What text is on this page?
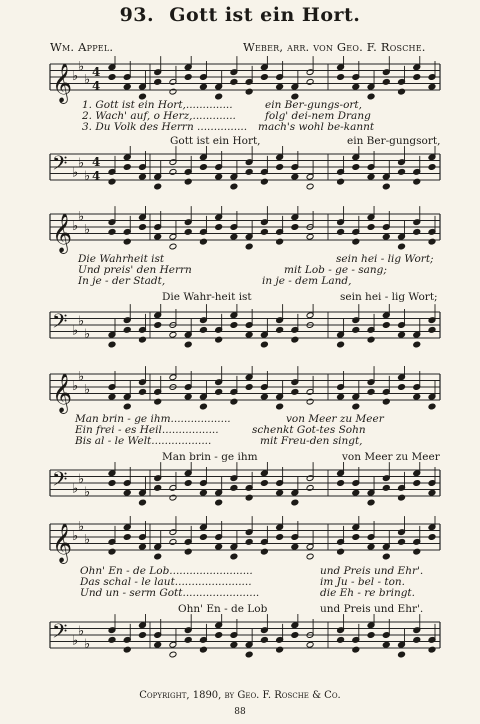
93. Gott ist ein Hort.
Wm. Appel.	Weber, arr. von Geo. F. Rosche.
𝄞 ♭
♭
♭
4
4
1. Gott ist ein Hort,..............
2. Wach' auf, o Herz,.............
3. Du Volk des Herrn ...............
ein Ber-gungs-ort,
folg' dei-nem Drang
mach's wohl be-kannt
Gott ist ein Hort,	ein Ber-gungsort,
𝄢 ♭
♭
♭
4
4
𝄞 ♭
♭
♭
Die Wahrheit ist
Und preis' den Herrn
In je - der Stadt,
sein hei - lig Wort;
mit Lob - ge - sang;
in je - dem Land,
Die Wahr-heit ist	sein hei - lig Wort;
𝄢 ♭
♭
♭
𝄞 ♭
♭
♭
Man brin - ge ihm..................
Ein frei - es Heil.................
Bis al - le Welt..................
von Meer zu Meer
schenkt Got-tes Sohn
mit Freu-den singt,
Man brin - ge ihm	von Meer zu Meer
𝄢 ♭
♭
♭
𝄞 ♭
♭
♭
Ohn' En - de Lob.........................
Das schal - le laut.......................
Und un - serm Gott.......................
und Preis und Ehr'.
im Ju - bel - ton.
die Eh - re bringt.
Ohn' En - de Lob	und Preis und Ehr'.
𝄢 ♭
♭
♭
Copyright, 1890, by Geo. F. Rosche & Co.
88
